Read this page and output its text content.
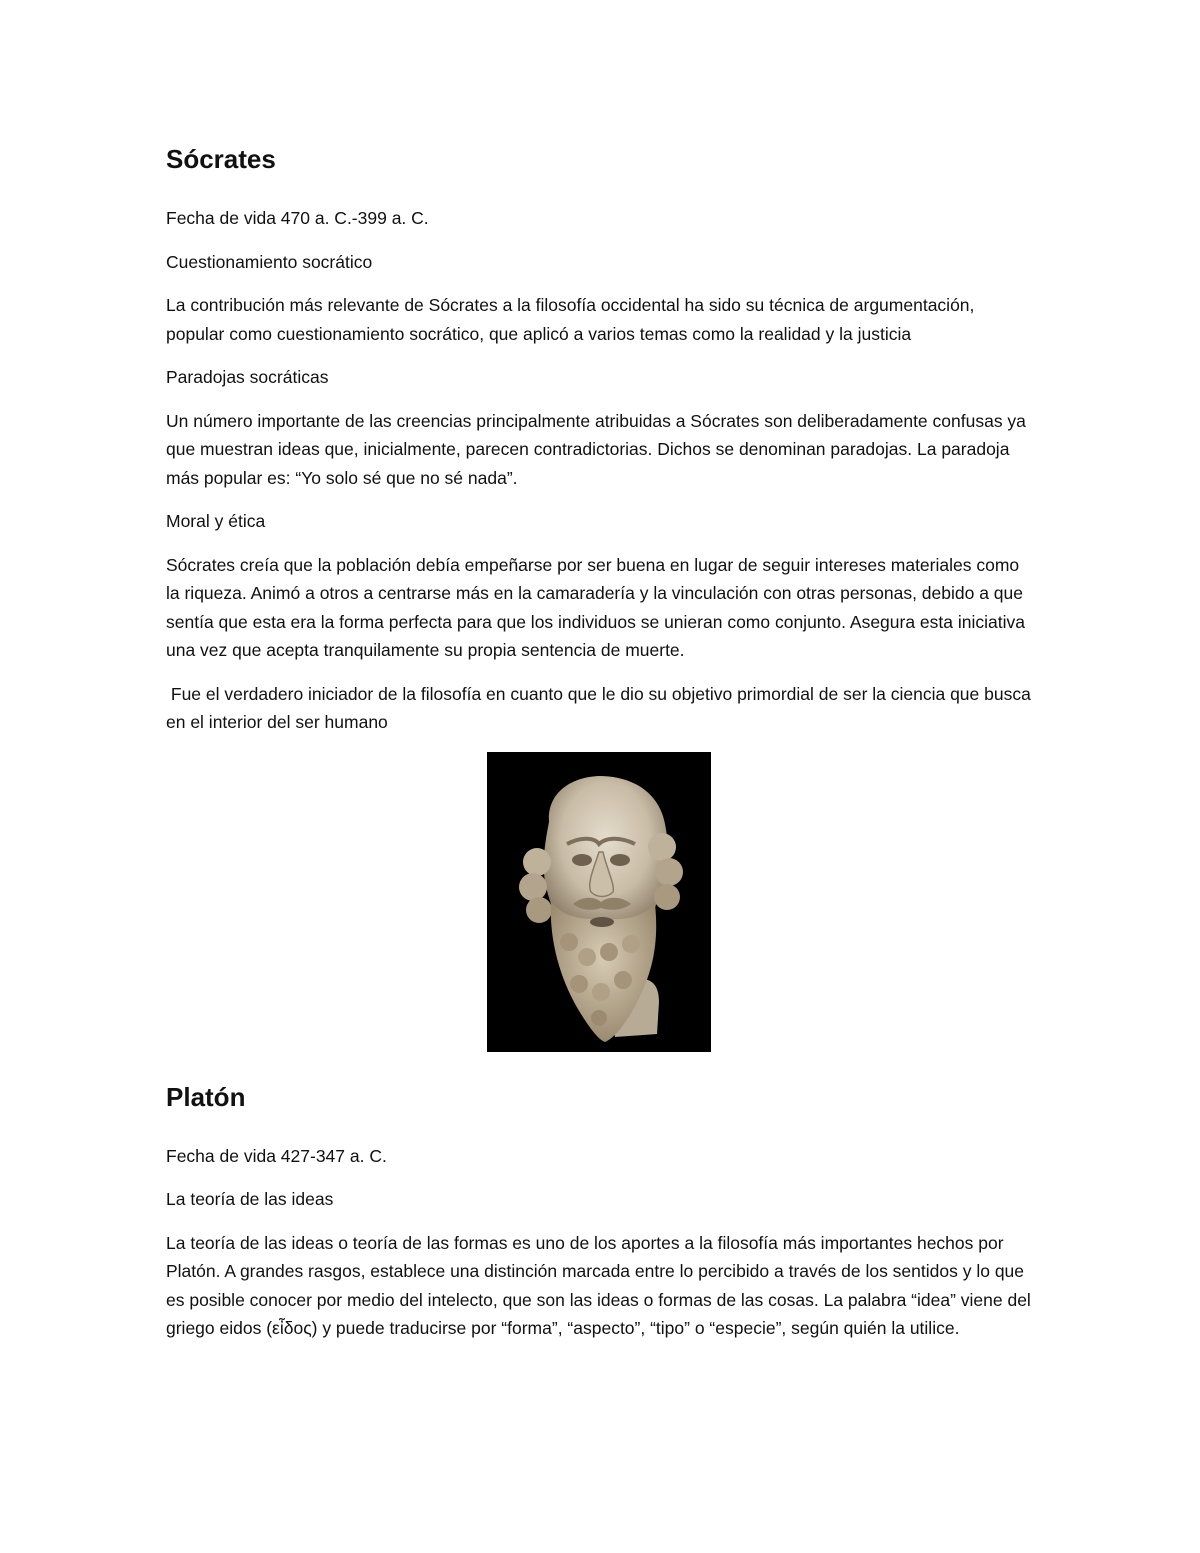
Sócrates

Fecha de vida 470 a. C.-399 a. C.

Cuestionamiento socrático

La contribución más relevante de Sócrates a la filosofía occidental ha sido su técnica de argumentación, popular como cuestionamiento socrático, que aplicó a varios temas como la realidad y la justicia

Paradojas socráticas

Un número importante de las creencias principalmente atribuidas a Sócrates son deliberadamente confusas ya que muestran ideas que, inicialmente, parecen contradictorias. Dichos se denominan paradojas. La paradoja más popular es: “Yo solo sé que no sé nada”.

Moral y ética

Sócrates creía que la población debía empeñarse por ser buena en lugar de seguir intereses materiales como la riqueza. Animó a otros a centrarse más en la camaradería y la vinculación con otras personas, debido a que sentía que esta era la forma perfecta para que los individuos se unieran como conjunto. Asegura esta iniciativa una vez que acepta tranquilamente su propia sentencia de muerte.

Fue el verdadero iniciador de la filosofía en cuanto que le dio su objetivo primordial de ser la ciencia que busca en el interior del ser humano

Platón

Fecha de vida 427-347 a. C.

La teoría de las ideas

La teoría de las ideas o teoría de las formas es uno de los aportes a la filosofía más importantes hechos por Platón. A grandes rasgos, establece una distinción marcada entre lo percibido a través de los sentidos y lo que es posible conocer por medio del intelecto, que son las ideas o formas de las cosas. La palabra “idea” viene del griego eidos (εἶδος) y puede traducirse por “forma”, “aspecto”, “tipo” o “especie”, según quién la utilice.
